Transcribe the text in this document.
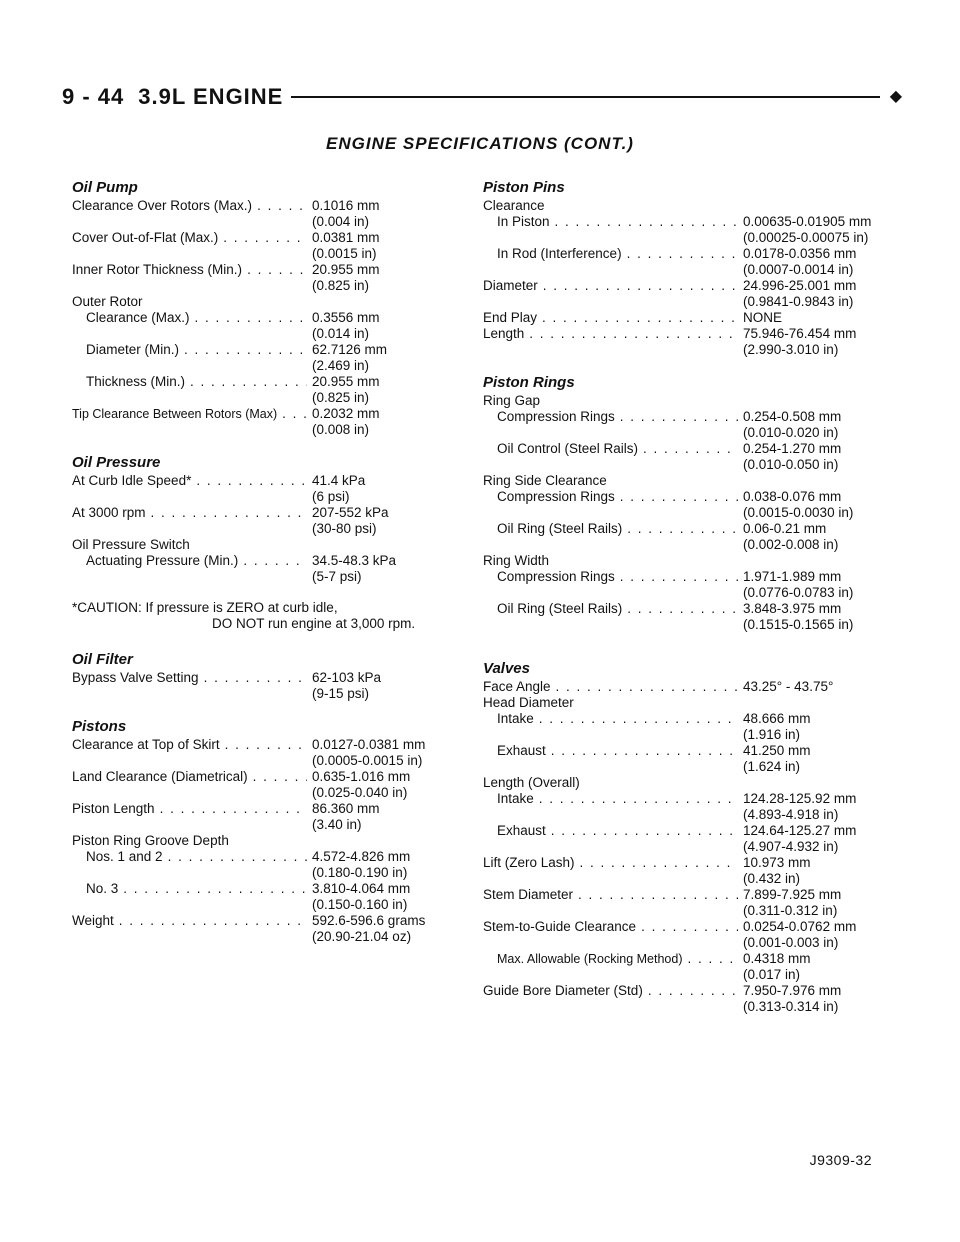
9 - 44 3.9L ENGINE	◆
ENGINE SPECIFICATIONS (CONT.)
Oil Pump
Clearance Over Rotors (Max.) . . .	0.1016 mm
(0.004 in)
Cover Out-of-Flat (Max.) . . .	0.0381 mm
(0.0015 in)
Inner Rotor Thickness (Min.) . . .	20.955 mm
(0.825 in)
Outer Rotor
Clearance (Max.) . . .	0.3556 mm
(0.014 in)
Diameter (Min.) . . .	62.7126 mm
(2.469 in)
Thickness (Min.) . . .	20.955 mm
(0.825 in)
Tip Clearance Between Rotors (Max) . . .	0.2032 mm
(0.008 in)
Oil Pressure
At Curb Idle Speed* . . .	41.4 kPa
(6 psi)
At 3000 rpm . . .	207-552 kPa
(30-80 psi)
Oil Pressure Switch
Actuating Pressure (Min.) . . .	34.5-48.3 kPa
(5-7 psi)
*CAUTION: If pressure is ZERO at curb idle,
DO NOT run engine at 3,000 rpm.
Oil Filter
Bypass Valve Setting . . .	62-103 kPa
(9-15 psi)
Pistons
Clearance at Top of Skirt . . .	0.0127-0.0381 mm
(0.0005-0.0015 in)
Land Clearance (Diametrical) . . .	0.635-1.016 mm
(0.025-0.040 in)
Piston Length . . .	86.360 mm
(3.40 in)
Piston Ring Groove Depth
Nos. 1 and 2 . . .	4.572-4.826 mm
(0.180-0.190 in)
No. 3 . . .	3.810-4.064 mm
(0.150-0.160 in)
Weight . . .	592.6-596.6 grams
(20.90-21.04 oz)
Piston Pins
Clearance
In Piston . . .	0.00635-0.01905 mm
(0.00025-0.00075 in)
In Rod (Interference) . . .	0.0178-0.0356 mm
(0.0007-0.0014 in)
Diameter . . .	24.996-25.001 mm
(0.9841-0.9843 in)
End Play . . .	NONE
Length . . .	75.946-76.454 mm
(2.990-3.010 in)
Piston Rings
Ring Gap
Compression Rings . . .	0.254-0.508 mm
(0.010-0.020 in)
Oil Control (Steel Rails) . . .	0.254-1.270 mm
(0.010-0.050 in)
Ring Side Clearance
Compression Rings . . .	0.038-0.076 mm
(0.0015-0.0030 in)
Oil Ring (Steel Rails) . . .	0.06-0.21 mm
(0.002-0.008 in)
Ring Width
Compression Rings . . .	1.971-1.989 mm
(0.0776-0.0783 in)
Oil Ring (Steel Rails) . . .	3.848-3.975 mm
(0.1515-0.1565 in)
Valves
Face Angle . . .	43.25° - 43.75°
Head Diameter
Intake . . .	48.666 mm
(1.916 in)
Exhaust . . .	41.250 mm
(1.624 in)
Length (Overall)
Intake . . .	124.28-125.92 mm
(4.893-4.918 in)
Exhaust . . .	124.64-125.27 mm
(4.907-4.932 in)
Lift (Zero Lash) . . .	10.973 mm
(0.432 in)
Stem Diameter . . .	7.899-7.925 mm
(0.311-0.312 in)
Stem-to-Guide Clearance . . .	0.0254-0.0762 mm
(0.001-0.003 in)
Max. Allowable (Rocking Method) . . .	0.4318 mm
(0.017 in)
Guide Bore Diameter (Std) . . .	7.950-7.976 mm
(0.313-0.314 in)
J9309-32
